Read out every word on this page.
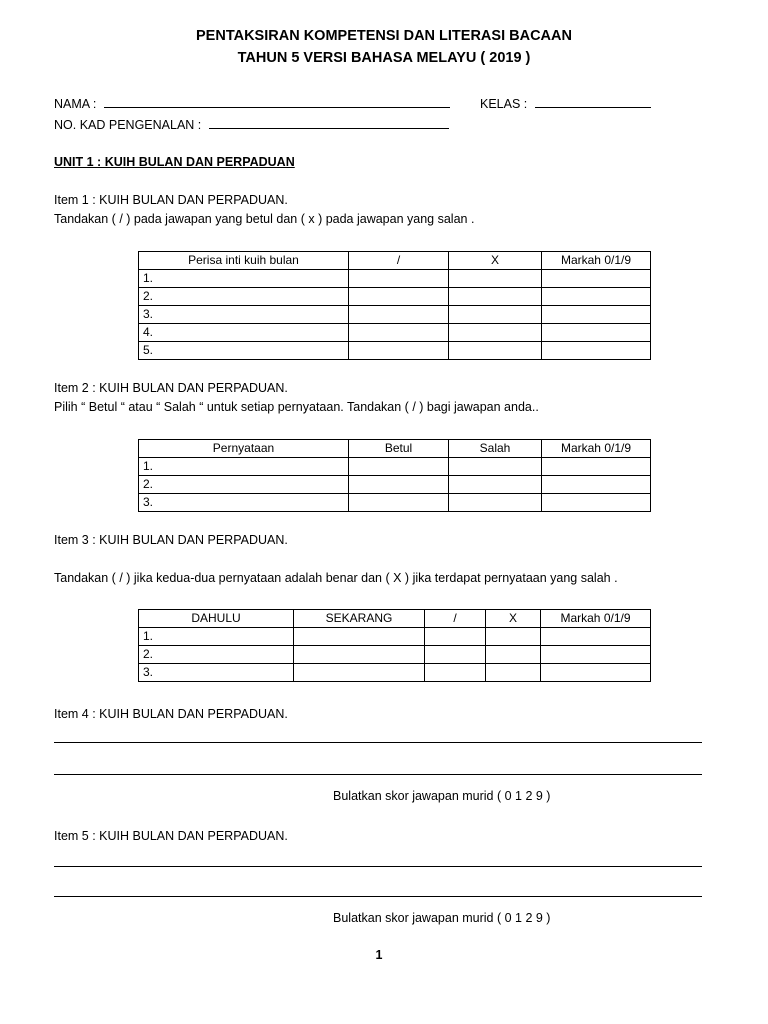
PENTAKSIRAN KOMPETENSI DAN LITERASI BACAAN
TAHUN 5 VERSI BAHASA MELAYU ( 2019 )
NAMA :	KELAS :
NO. KAD PENGENALAN :
UNIT 1 : KUIH BULAN DAN PERPADUAN
Item 1 : KUIH BULAN DAN PERPADUAN.
Tandakan ( / ) pada jawapan yang betul dan ( x ) pada jawapan yang salan .
Perisa inti kuih bulan	/	X	Markah 0/1/9
1.			
2.			
3.			
4.			
5.			
Item 2 : KUIH BULAN DAN PERPADUAN.
Pilih “ Betul “ atau “ Salah “ untuk setiap pernyataan. Tandakan ( / ) bagi jawapan anda..
Pernyataan	Betul	Salah	Markah 0/1/9
1.			
2.			
3.			
Item 3 : KUIH BULAN DAN PERPADUAN.
Tandakan ( / ) jika kedua-dua pernyataan adalah benar dan ( X ) jika terdapat pernyataan yang salah .
DAHULU	SEKARANG	/	X	Markah 0/1/9
1.				
2.				
3.				
Item 4 : KUIH BULAN DAN PERPADUAN.
Bulatkan skor jawapan murid ( 0 1 2 9 )
Item 5 : KUIH BULAN DAN PERPADUAN.
Bulatkan skor jawapan murid ( 0 1 2 9 )
1
